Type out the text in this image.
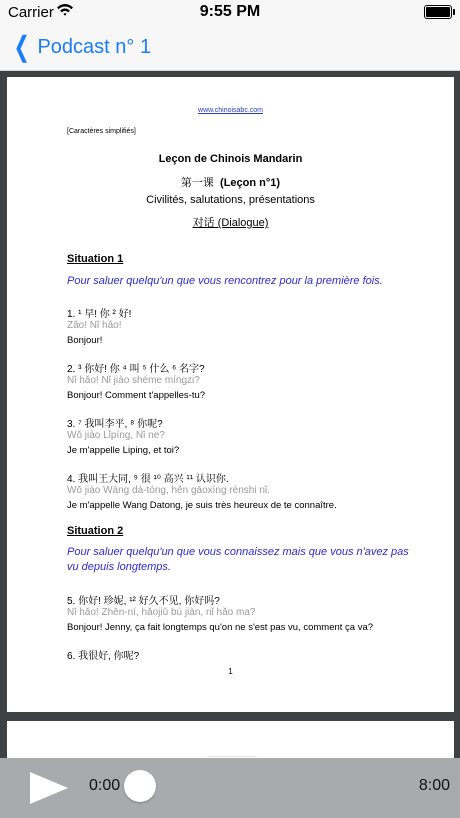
Carrier	9:55 PM
❮ Podcast n° 1
www.chinoisabc.com
[Caractères simplifiés]
Leçon de Chinois Mandarin
第一课 (Leçon n°1)
Civilités, salutations, présentations
对话 (Dialogue)
Situation 1
Pour saluer quelqu'un que vous rencontrez pour la première fois.
1. ¹ 早! 你 ² 好!
Zǎo! Nǐ hǎo!
Bonjour!
2. ³ 你好! 你 ⁴ 叫 ⁵ 什么 ⁶ 名字?
Nǐ hǎo! Nǐ jiào shéme míngzi?
Bonjour! Comment t'appelles-tu?
3. ⁷ 我叫李平, ⁸ 你呢?
Wǒ jiào Lǐpíng, Nǐ ne?
Je m'appelle Liping, et toi?
4. 我叫王大同, ⁹ 很 ¹⁰ 高兴 ¹¹ 认识你.
Wǒ jiào Wáng dà-tóng, hěn gāoxìng rènshi nǐ.
Je m'appelle Wang Datong, je suis très heureux de te connaître.
Situation 2
Pour saluer quelqu'un que vous connaissez mais que vous n'avez pas vu depuis longtemps.
5. 你好! 珍妮, ¹² 好久不见, 你好吗?
Nǐ hǎo! Zhēn-ní, hǎojiǔ bú jiàn, nǐ hǎo ma?
Bonjour! Jenny, ça fait longtemps qu'on ne s'est pas vu, comment ça va?
6. 我很好, 你呢?
1
0:00	8:00
